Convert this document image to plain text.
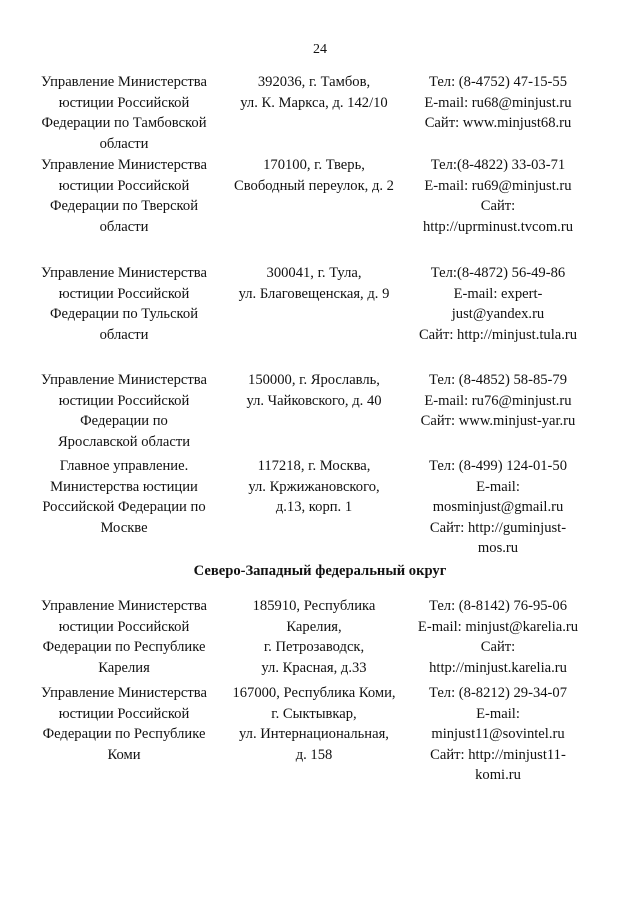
24
Управление Министерства
юстиции Российской
Федерации по Тамбовской
области
392036, г. Тамбов,
ул. К. Маркса, д. 142/10
Тел: (8-4752) 47-15-55
E-mail: ru68@minjust.ru
Сайт: www.minjust68.ru
Управление Министерства
юстиции Российской
Федерации по Тверской
области
170100, г. Тверь,
Свободный переулок, д. 2
Тел:(8-4822) 33-03-71
E-mail: ru69@minjust.ru
Сайт:
http://uprminust.tvcom.ru
Управление Министерства
юстиции Российской
Федерации по Тульской
области
300041, г. Тула,
ул. Благовещенская, д. 9
Тел:(8-4872) 56-49-86
E-mail: expert-
just@yandex.ru
Сайт: http://minjust.tula.ru
Управление Министерства
юстиции Российской
Федерации по
Ярославской области
150000, г. Ярославль,
ул. Чайковского, д. 40
Тел: (8-4852) 58-85-79
E-mail: ru76@minjust.ru
Сайт: www.minjust-yar.ru
Главное управление.
Министерства юстиции
Российской Федерации по
Москве
117218, г. Москва,
ул. Кржижановского,
д.13, корп. 1
Тел: (8-499) 124-01-50
E-mail:
mosminjust@gmail.ru
Сайт: http://guminjust-
mos.ru
Управление Министерства
юстиции Российской
Федерации по Республике
Карелия
185910, Республика
Карелия,
г. Петрозаводск,
ул. Красная, д.33
Тел: (8-8142) 76-95-06
E-mail: minjust@karelia.ru
Сайт:
http://minjust.karelia.ru
Управление Министерства
юстиции Российской
Федерации по Республике
Коми
167000, Республика Коми,
г. Сыктывкар,
ул. Интернациональная,
д. 158
Тел: (8-8212) 29-34-07
E-mail:
minjust11@sovintel.ru
Сайт: http://minjust11-
komi.ru
Северо-Западный федеральный округ
